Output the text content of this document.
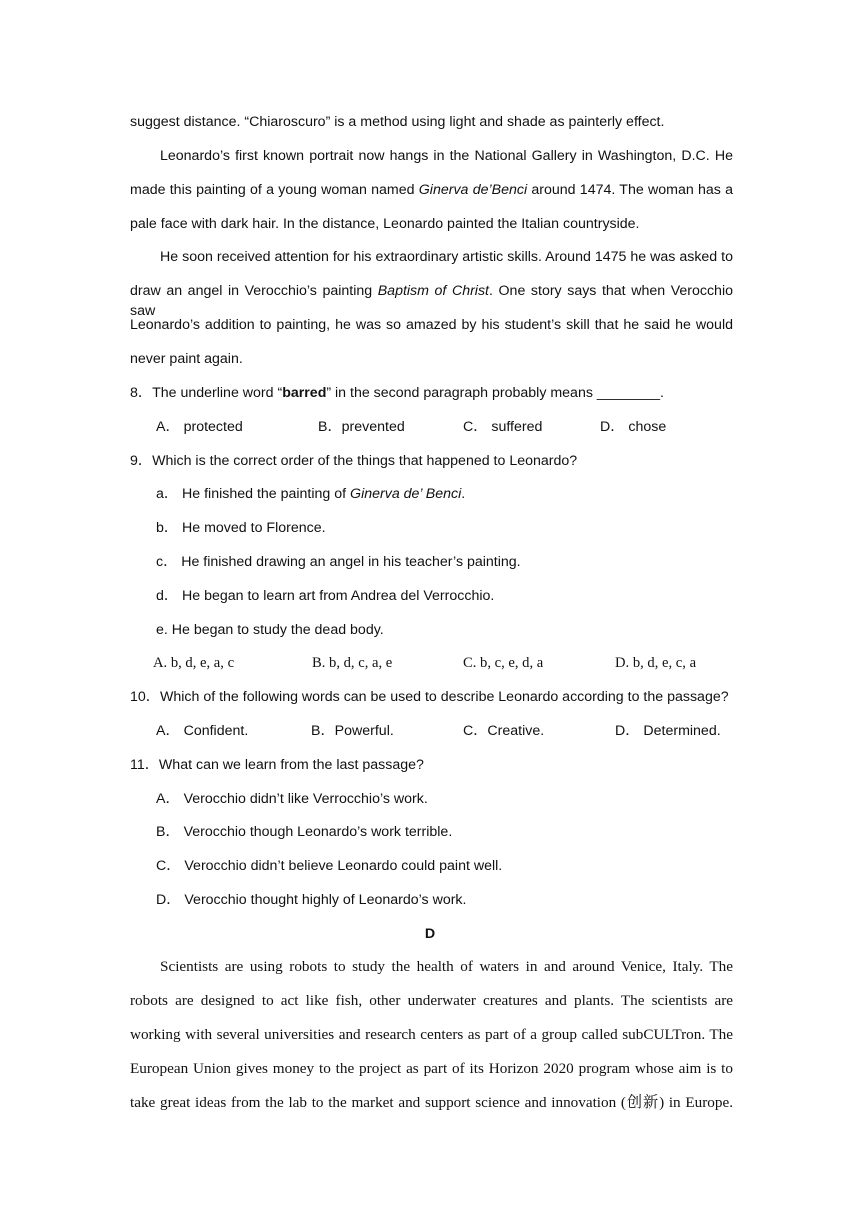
suggest distance. “Chiaroscuro” is a method using light and shade as painterly effect.
Leonardo’s first known portrait now hangs in the National Gallery in Washington, D.C. He
made this painting of a young woman named Ginerva de’Benci around 1474. The woman has a
pale face with dark hair. In the distance, Leonardo painted the Italian countryside.
He soon received attention for his extraordinary artistic skills. Around 1475 he was asked to
draw an angel in Verocchio’s painting Baptism of Christ. One story says that when Verocchio saw
Leonardo’s addition to painting, he was so amazed by his student’s skill that he said he would
never paint again.
8．The underline word “barred” in the second paragraph probably means ________.
A． protected	B．prevented	C． suffered	D． chose
9．Which is the correct order of the things that happened to Leonardo?
a． He finished the painting of Ginerva de’ Benci.
b． He moved to Florence.
c． He finished drawing an angel in his teacher’s painting.
d． He began to learn art from Andrea del Verrocchio.
e. He began to study the dead body.
A. b, d, e, a, c	B. b, d, c, a, e	C. b, c, e, d, a	D. b, d, e, c, a
10．Which of the following words can be used to describe Leonardo according to the passage?
A． Confident.	B．Powerful.	C．Creative.	D． Determined.
11．What can we learn from the last passage?
A． Verocchio didn’t like Verrocchio’s work.
B． Verocchio though Leonardo’s work terrible.
C． Verocchio didn’t believe Leonardo could paint well.
D． Verocchio thought highly of Leonardo’s work.
D
Scientists are using robots to study the health of waters in and around Venice, Italy. The
robots are designed to act like fish, other underwater creatures and plants. The scientists are
working with several universities and research centers as part of a group called subCULTron. The
European Union gives money to the project as part of its Horizon 2020 program whose aim is to
take great ideas from the lab to the market and support science and innovation (创新) in Europe.
